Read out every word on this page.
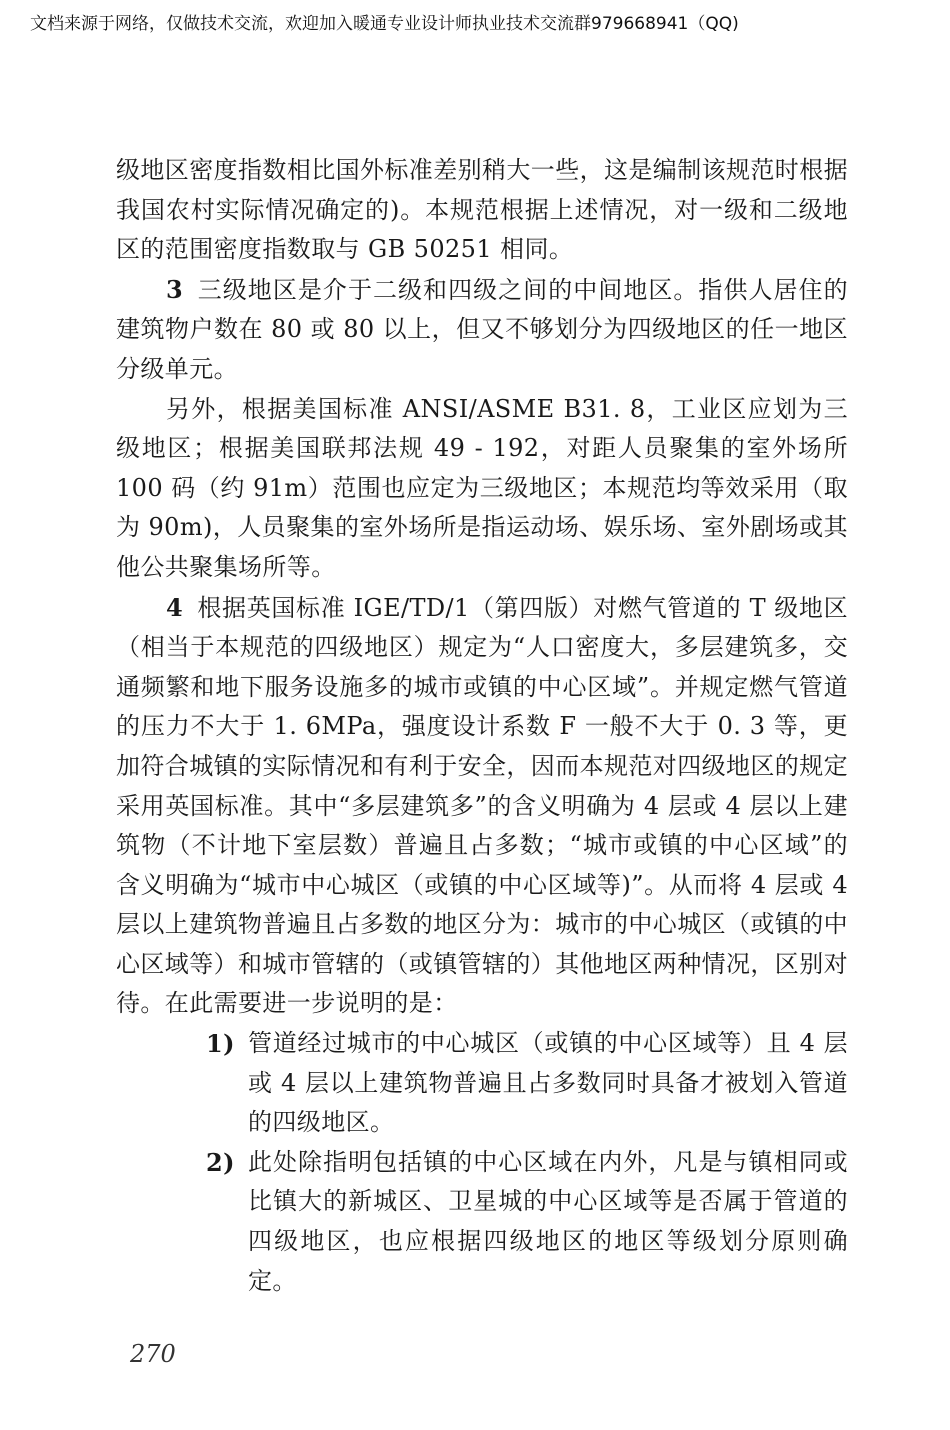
文档来源于网络，仅做技术交流，欢迎加入暖通专业设计师执业技术交流群979668941（QQ)

级地区密度指数相比国外标准差别稍大一些，这是编制该规范时根据我国农村实际情况确定的)。本规范根据上述情况，对一级和二级地区的范围密度指数取与 GB 50251 相同。

3 三级地区是介于二级和四级之间的中间地区。指供人居住的建筑物户数在 80 或 80 以上，但又不够划分为四级地区的任一地区分级单元。

另外，根据美国标准 ANSI/ASME B31. 8，工业区应划为三级地区；根据美国联邦法规 49 - 192，对距人员聚集的室外场所 100 码（约 91m）范围也应定为三级地区；本规范均等效采用（取为 90m)，人员聚集的室外场所是指运动场、娱乐场、室外剧场或其他公共聚集场所等。

4 根据英国标准 IGE/TD/1（第四版）对燃气管道的 T 级地区（相当于本规范的四级地区）规定为“人口密度大，多层建筑多，交通频繁和地下服务设施多的城市或镇的中心区域”。并规定燃气管道的压力不大于 1. 6MPa，强度设计系数 F 一般不大于 0. 3 等，更加符合城镇的实际情况和有利于安全，因而本规范对四级地区的规定采用英国标准。其中“多层建筑多”的含义明确为 4 层或 4 层以上建筑物（不计地下室层数）普遍且占多数；“城市或镇的中心区域”的含义明确为“城市中心城区（或镇的中心区域等)”。从而将 4 层或 4 层以上建筑物普遍且占多数的地区分为：城市的中心城区（或镇的中心区域等）和城市管辖的（或镇管辖的）其他地区两种情况，区别对待。在此需要进一步说明的是：

1) 管道经过城市的中心城区（或镇的中心区域等）且 4 层或 4 层以上建筑物普遍且占多数同时具备才被划入管道的四级地区。
2) 此处除指明包括镇的中心区域在内外，凡是与镇相同或比镇大的新城区、卫星城的中心区域等是否属于管道的四级地区，也应根据四级地区的地区等级划分原则确定。
270
